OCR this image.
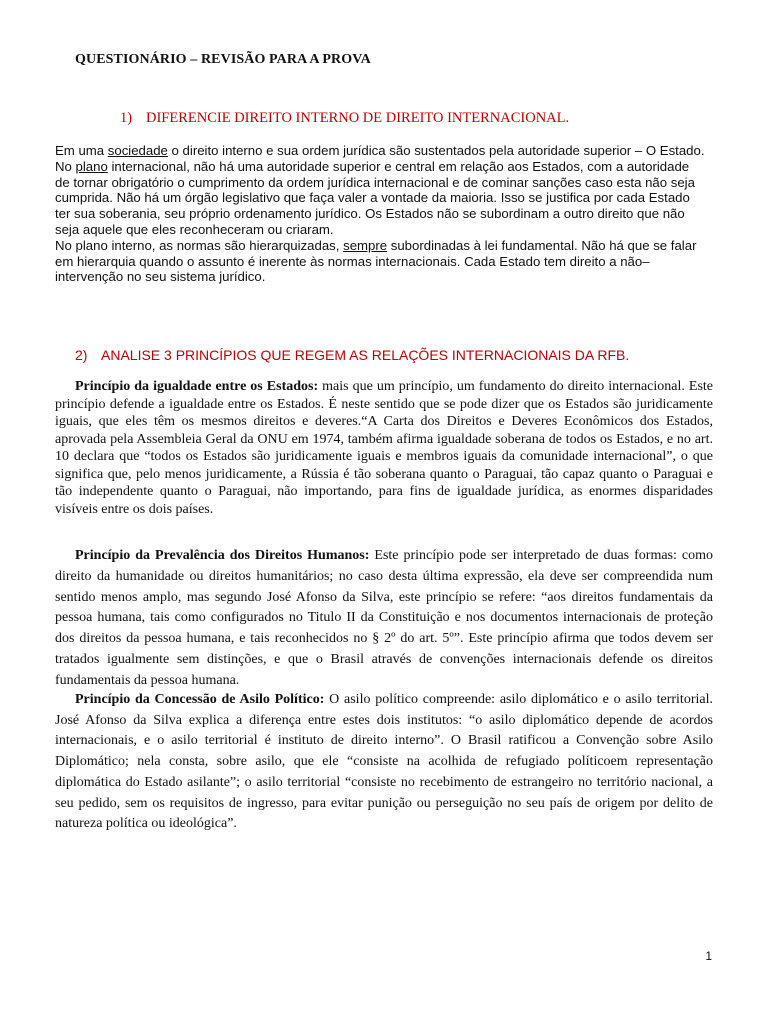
QUESTIONÁRIO – REVISÃO PARA A PROVA
1) DIFERENCIE DIREITO INTERNO DE DIREITO INTERNACIONAL.

Em uma sociedade o direito interno e sua ordem jurídica são sustentados pela autoridade superior – O Estado.

No plano internacional, não há uma autoridade superior e central em relação aos Estados, com a autoridade de tornar obrigatório o cumprimento da ordem jurídica internacional e de cominar sanções caso esta não seja cumprida. Não há um órgão legislativo que faça valer a vontade da maioria. Isso se justifica por cada Estado ter sua soberania, seu próprio ordenamento jurídico. Os Estados não se subordinam a outro direito que não seja aquele que eles reconheceram ou criaram.

No plano interno, as normas são hierarquizadas, sempre subordinadas à lei fundamental. Não há que se falar em hierarquia quando o assunto é inerente às normas internacionais. Cada Estado tem direito a não–intervenção no seu sistema jurídico.

2) ANALISE 3 PRINCÍPIOS QUE REGEM AS RELAÇÕES INTERNACIONAIS DA RFB.

Princípio da igualdade entre os Estados: mais que um princípio, um fundamento do direito internacional. Este princípio defende a igualdade entre os Estados. É neste sentido que se pode dizer que os Estados são juridicamente iguais, que eles têm os mesmos direitos e deveres.“A Carta dos Direitos e Deveres Econômicos dos Estados, aprovada pela Assembleia Geral da ONU em 1974, também afirma igualdade soberana de todos os Estados, e no art. 10 declara que “todos os Estados são juridicamente iguais e membros iguais da comunidade internacional”, o que significa que, pelo menos juridicamente, a Rússia é tão soberana quanto o Paraguai, tão capaz quanto o Paraguai e tão independente quanto o Paraguai, não importando, para fins de igualdade jurídica, as enormes disparidades visíveis entre os dois países.

Princípio da Prevalência dos Direitos Humanos: Este princípio pode ser interpretado de duas formas: como direito da humanidade ou direitos humanitários; no caso desta última expressão, ela deve ser compreendida num sentido menos amplo, mas segundo José Afonso da Silva, este princípio se refere: “aos direitos fundamentais da pessoa humana, tais como configurados no Titulo II da Constituição e nos documentos internacionais de proteção dos direitos da pessoa humana, e tais reconhecidos no § 2º do art. 5º”. Este princípio afirma que todos devem ser tratados igualmente sem distinções, e que o Brasil através de convenções internacionais defende os direitos fundamentais da pessoa humana.

Princípio da Concessão de Asilo Político: O asilo político compreende: asilo diplomático e o asilo territorial. José Afonso da Silva explica a diferença entre estes dois institutos: “o asilo diplomático depende de acordos internacionais, e o asilo territorial é instituto de direito interno”. O Brasil ratificou a Convenção sobre Asilo Diplomático; nela consta, sobre asilo, que ele “consiste na acolhida de refugiado políticoem representação diplomática do Estado asilante”; o asilo territorial “consiste no recebimento de estrangeiro no território nacional, a seu pedido, sem os requisitos de ingresso, para evitar punição ou perseguição no seu país de origem por delito de natureza política ou ideológica”.

1
